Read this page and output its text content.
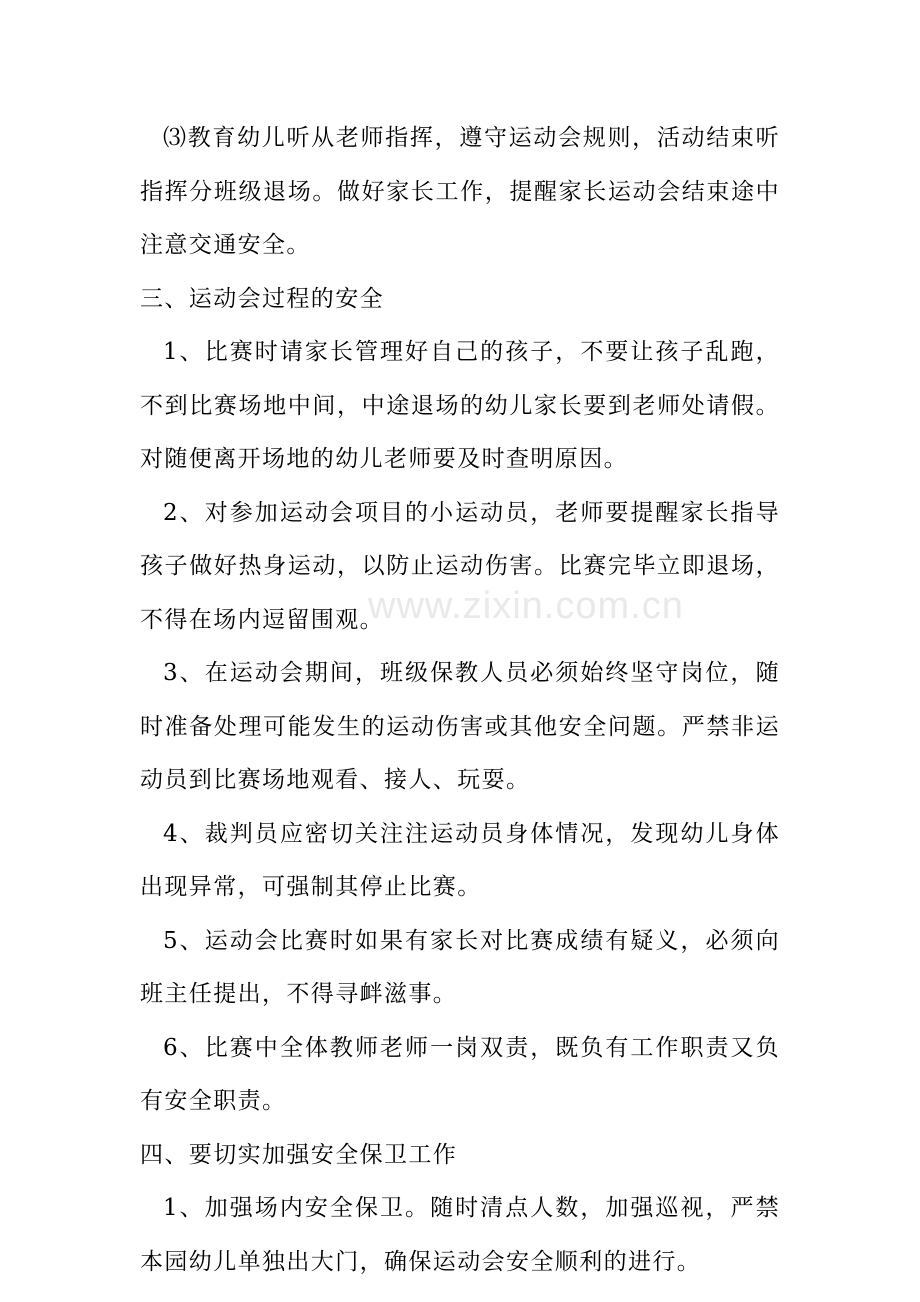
www.zixin.com.cn

⑶教育幼儿听从老师指挥，遵守运动会规则，活动结束听指挥分班级退场。做好家长工作，提醒家长运动会结束途中注意交通安全。

三、运动会过程的安全

1、比赛时请家长管理好自己的孩子，不要让孩子乱跑，不到比赛场地中间，中途退场的幼儿家长要到老师处请假。对随便离开场地的幼儿老师要及时查明原因。

2、对参加运动会项目的小运动员，老师要提醒家长指导孩子做好热身运动，以防止运动伤害。比赛完毕立即退场，不得在场内逗留围观。

3、在运动会期间，班级保教人员必须始终坚守岗位，随时准备处理可能发生的运动伤害或其他安全问题。严禁非运动员到比赛场地观看、接人、玩耍。

4、裁判员应密切关注注运动员身体情况，发现幼儿身体出现异常，可强制其停止比赛。

5、运动会比赛时如果有家长对比赛成绩有疑义，必须向班主任提出，不得寻衅滋事。

6、比赛中全体教师老师一岗双责，既负有工作职责又负有安全职责。

四、要切实加强安全保卫工作

1、加强场内安全保卫。随时清点人数，加强巡视，严禁本园幼儿单独出大门，确保运动会安全顺利的进行。
